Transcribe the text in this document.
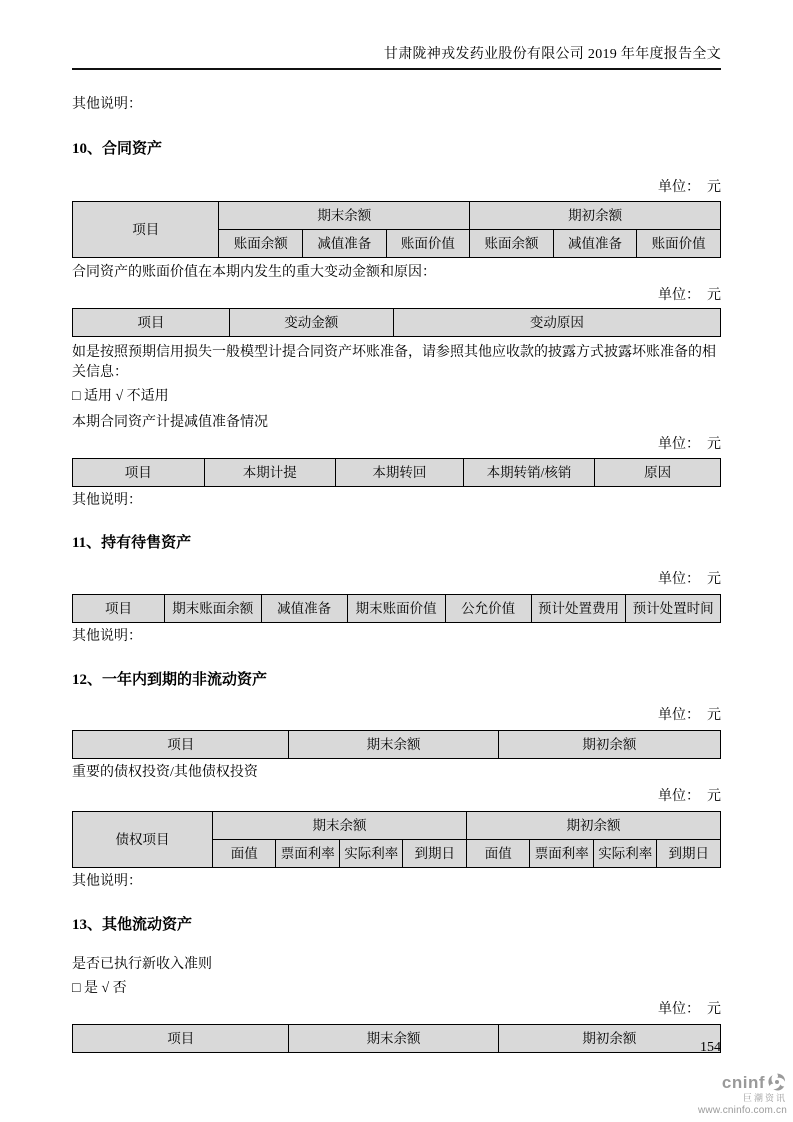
甘肃陇神戎发药业股份有限公司 2019 年年度报告全文

其他说明：

10、合同资产

单位：  元

项目	期末余额			期初余额		
	账面余额	减值准备	账面价值	账面余额	减值准备	账面价值

合同资产的账面价值在本期内发生的重大变动金额和原因：

单位：  元

项目	变动金额	变动原因

如是按照预期信用损失一般模型计提合同资产坏账准备，请参照其他应收款的披露方式披露坏账准备的相关信息：

□ 适用 √ 不适用

本期合同资产计提减值准备情况

单位：  元

项目	本期计提	本期转回	本期转销/核销	原因

其他说明：

11、持有待售资产

单位：  元

项目	期末账面余额	减值准备	期末账面价值	公允价值	预计处置费用	预计处置时间

其他说明：

12、一年内到期的非流动资产

单位：  元

项目	期末余额	期初余额

重要的债权投资/其他债权投资

单位：  元

债权项目	期末余额				期初余额			
	面值	票面利率	实际利率	到期日	面值	票面利率	实际利率	到期日

其他说明：

13、其他流动资产

是否已执行新收入准则

□ 是 √ 否

单位：  元

项目	期末余额	期初余额
154
cninf
巨潮资讯
www.cninfo.com.cn
